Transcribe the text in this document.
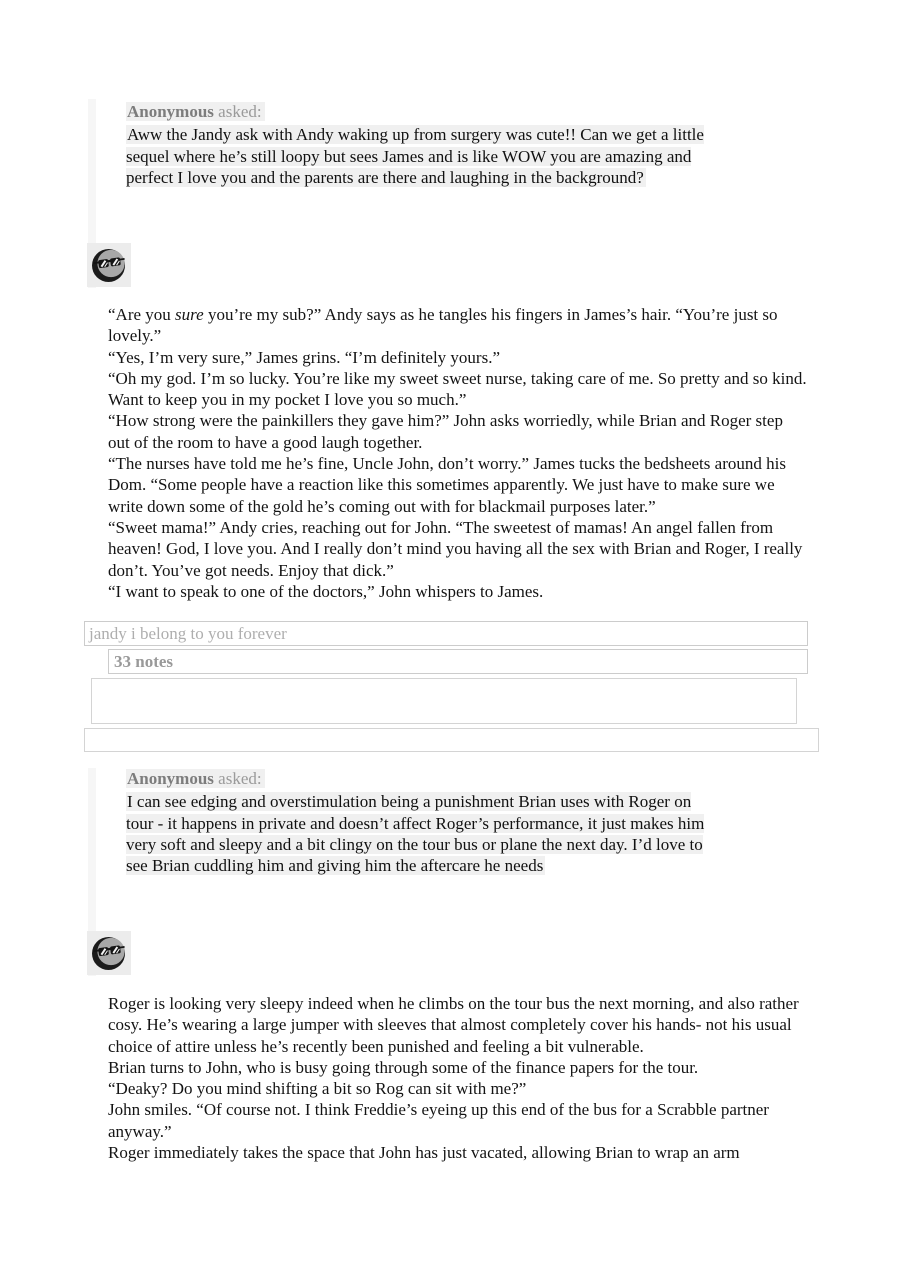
Anonymous asked:
Aww the Jandy ask with Andy waking up from surgery was cute!! Can we get a little sequel where he’s still loopy but sees James and is like WOW you are amazing and perfect I love you and the parents are there and laughing in the background?

“Are you sure you’re my sub?” Andy says as he tangles his fingers in James’s hair. “You’re just so lovely.”

“Yes, I’m very sure,” James grins. “I’m definitely yours.”

“Oh my god. I’m so lucky. You’re like my sweet sweet nurse, taking care of me. So pretty and so kind. Want to keep you in my pocket I love you so much.”

“How strong were the painkillers they gave him?” John asks worriedly, while Brian and Roger step out of the room to have a good laugh together.

“The nurses have told me he’s fine, Uncle John, don’t worry.” James tucks the bedsheets around his Dom. “Some people have a reaction like this sometimes apparently. We just have to make sure we write down some of the gold he’s coming out with for blackmail purposes later.”

“Sweet mama!” Andy cries, reaching out for John. “The sweetest of mamas! An angel fallen from heaven! God, I love you. And I really don’t mind you having all the sex with Brian and Roger, I really don’t. You’ve got needs. Enjoy that dick.”

“I want to speak to one of the doctors,” John whispers to James.

jandy i belong to you forever
33 notes
Anonymous asked:
I can see edging and overstimulation being a punishment Brian uses with Roger on tour - it happens in private and doesn’t affect Roger’s performance, it just makes him very soft and sleepy and a bit clingy on the tour bus or plane the next day. I’d love to see Brian cuddling him and giving him the aftercare he needs

Roger is looking very sleepy indeed when he climbs on the tour bus the next morning, and also rather cosy. He’s wearing a large jumper with sleeves that almost completely cover his hands- not his usual choice of attire unless he’s recently been punished and feeling a bit vulnerable.

Brian turns to John, who is busy going through some of the finance papers for the tour.

“Deaky? Do you mind shifting a bit so Rog can sit with me?”

John smiles. “Of course not. I think Freddie’s eyeing up this end of the bus for a Scrabble partner anyway.”

Roger immediately takes the space that John has just vacated, allowing Brian to wrap an arm
